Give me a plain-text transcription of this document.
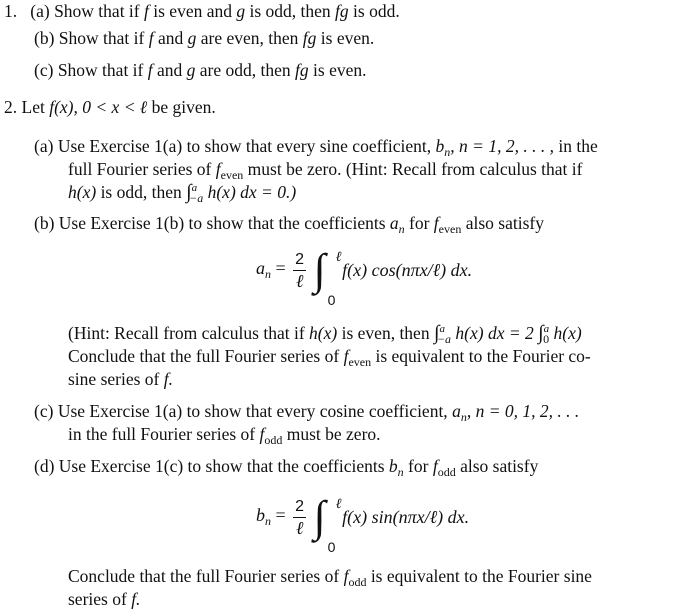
1. (a) Show that if f is even and g is odd, then fg is odd.
(b) Show that if f and g are even, then fg is even.
(c) Show that if f and g are odd, then fg is even.
2. Let f(x), 0 < x < ℓ be given.
(a) Use Exercise 1(a) to show that every sine coefficient, $b_n$, n = 1, 2, . . . , in the
full Fourier series of $f_{even}$ must be zero. (Hint: Recall from calculus that if
h(x) is odd, then ∫$^a_{-a}$ h(x) dx = 0.)
(b) Use Exercise 1(b) to show that the coefficients $a_n$ for $f_{even}$ also satisfy
$a_n = \frac{2}{\text{ℓ}}$ ∫ ℓ
0
f(x) cos(nπx/ℓ) dx.
(Hint: Recall from calculus that if h(x) is even, then ∫$^a_{-a}$ h(x) dx = 2 ∫$^a_0$ h(x)
Conclude that the full Fourier series of $f_{even}$ is equivalent to the Fourier co-
sine series of f.
(c) Use Exercise 1(a) to show that every cosine coefficient, $a_n$, n = 0, 1, 2, . . .
in the full Fourier series of $f_{odd}$ must be zero.
(d) Use Exercise 1(c) to show that the coefficients $b_n$ for $f_{odd}$ also satisfy
$b_n = \frac{2}{\text{ℓ}}$ ∫ ℓ
0
f(x) sin(nπx/ℓ) dx.
Conclude that the full Fourier series of $f_{odd}$ is equivalent to the Fourier sine
series of f.
